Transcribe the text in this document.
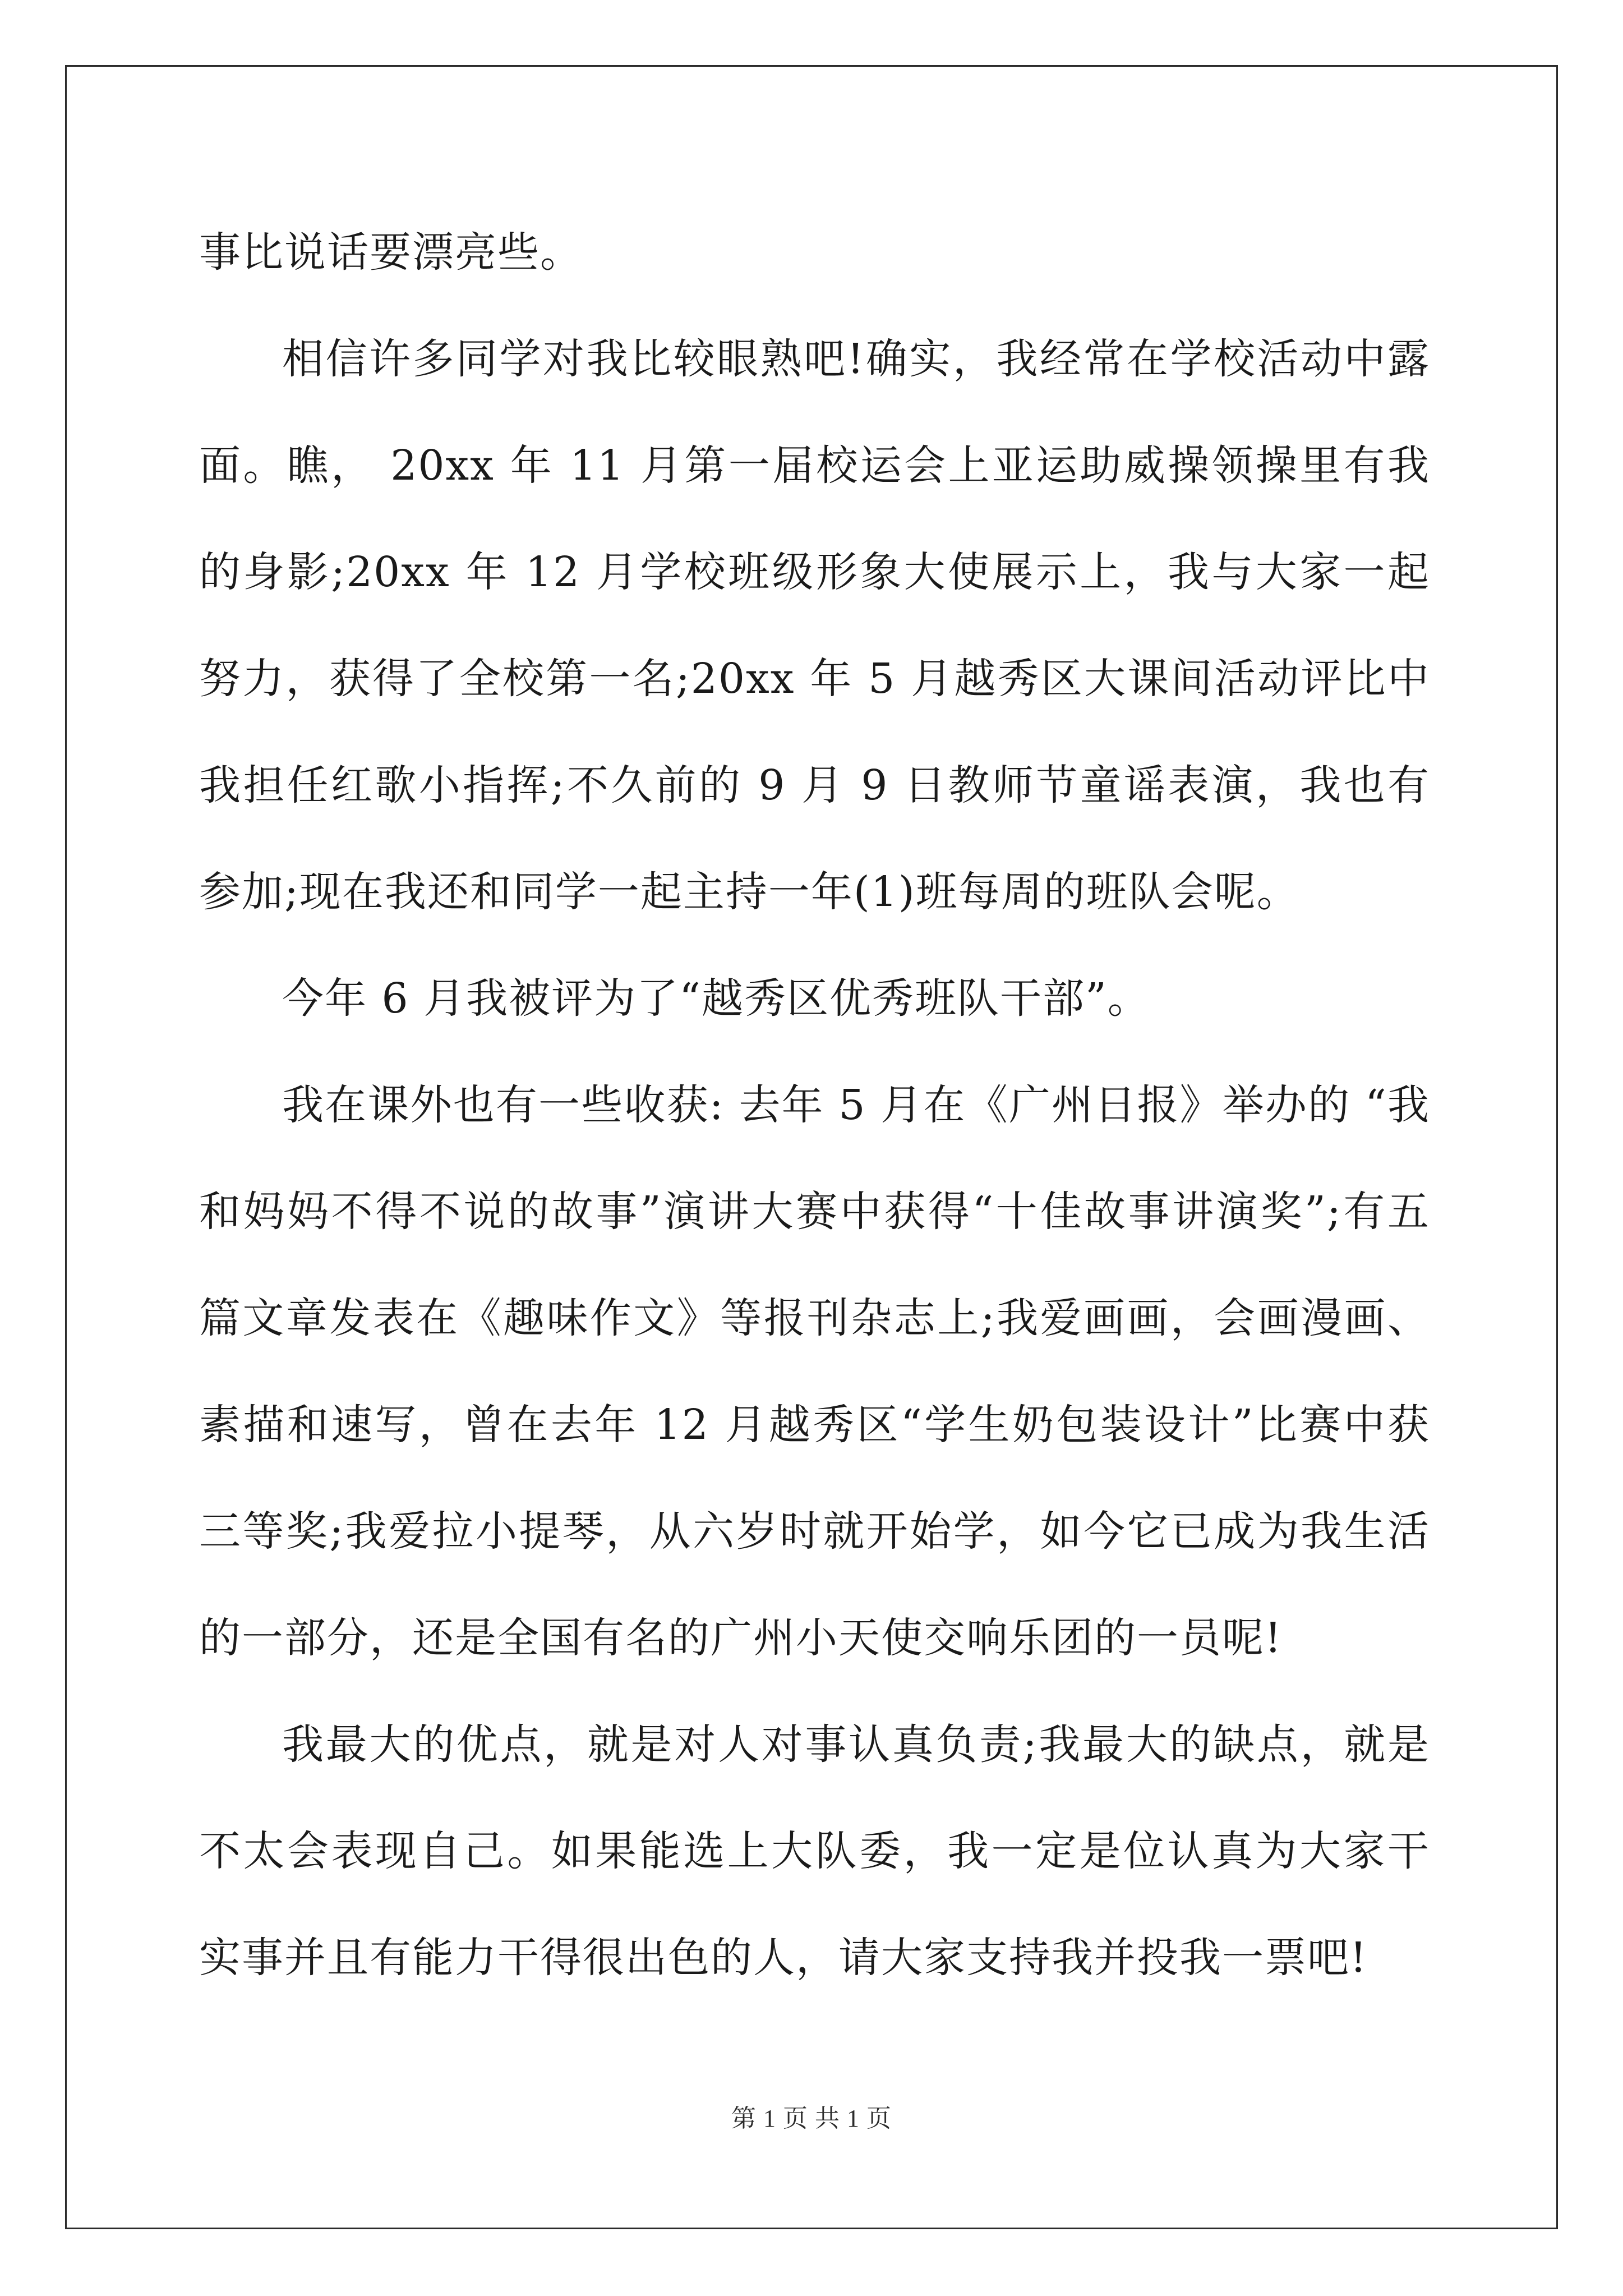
事比说话要漂亮些。

相信许多同学对我比较眼熟吧!确实，我经常在学校活动中露面。瞧， 20xx 年 11 月第一届校运会上亚运助威操领操里有我的身影;20xx 年 12 月学校班级形象大使展示上，我与大家一起努力，获得了全校第一名;20xx 年 5 月越秀区大课间活动评比中我担任红歌小指挥;不久前的 9 月 9 日教师节童谣表演，我也有参加;现在我还和同学一起主持一年(1)班每周的班队会呢。

今年 6 月我被评为了“越秀区优秀班队干部”。

我在课外也有一些收获: 去年 5 月在《广州日报》举办的 “我和妈妈不得不说的故事”演讲大赛中获得“十佳故事讲演奖”;有五篇文章发表在《趣味作文》等报刊杂志上;我爱画画，会画漫画、素描和速写，曾在去年 12 月越秀区“学生奶包装设计”比赛中获三等奖;我爱拉小提琴，从六岁时就开始学，如今它已成为我生活的一部分，还是全国有名的广州小天使交响乐团的一员呢!

我最大的优点，就是对人对事认真负责;我最大的缺点，就是不太会表现自己。如果能选上大队委，我一定是位认真为大家干实事并且有能力干得很出色的人，请大家支持我并投我一票吧!

第 1 页 共 1 页
